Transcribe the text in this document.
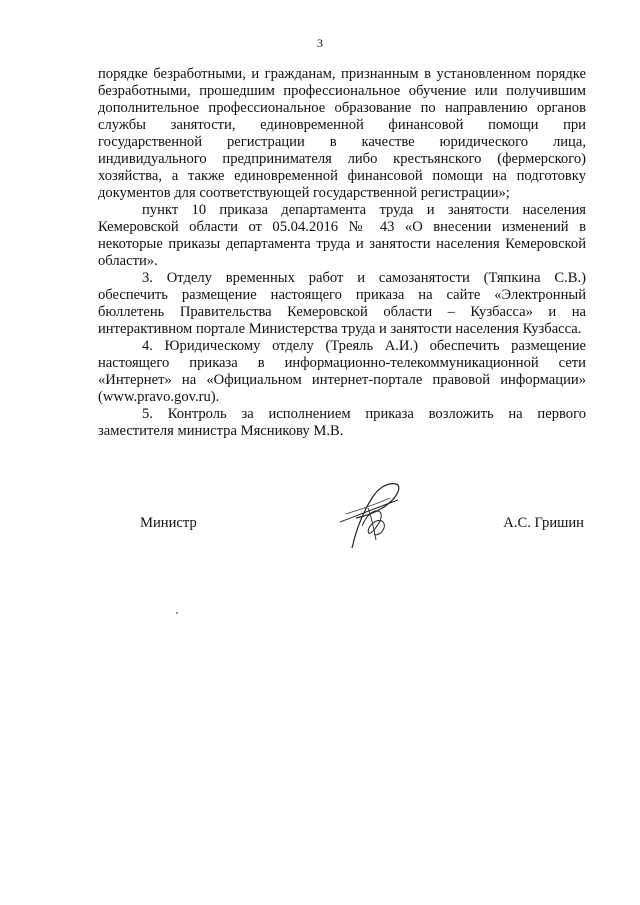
3

порядке безработными, и гражданам, признанным в установленном порядке безработными, прошедшим профессиональное обучение или получившим дополнительное профессиональное образование по направлению органов службы занятости, единовременной финансовой помощи при государственной регистрации в качестве юридического лица, индивидуального предпринимателя либо крестьянского (фермерского) хозяйства, а также единовременной финансовой помощи на подготовку документов для соответствующей государственной регистрации»;

пункт 10 приказа департамента труда и занятости населения Кемеровской области от 05.04.2016 № 43 «О внесении изменений в некоторые приказы департамента труда и занятости населения Кемеровской области».

3. Отделу временных работ и самозанятости (Тяпкина С.В.) обеспечить размещение настоящего приказа на сайте «Электронный бюллетень Правительства Кемеровской области – Кузбасса» и на интерактивном портале Министерства труда и занятости населения Кузбасса.

4. Юридическому отделу (Треяль А.И.) обеспечить размещение настоящего приказа в информационно-телекоммуникационной сети «Интернет» на «Официальном интернет-портале правовой информации» (www.pravo.gov.ru).

5. Контроль за исполнением приказа возложить на первого заместителя министра Мясникову М.В.

Министр	А.С. Гришин
